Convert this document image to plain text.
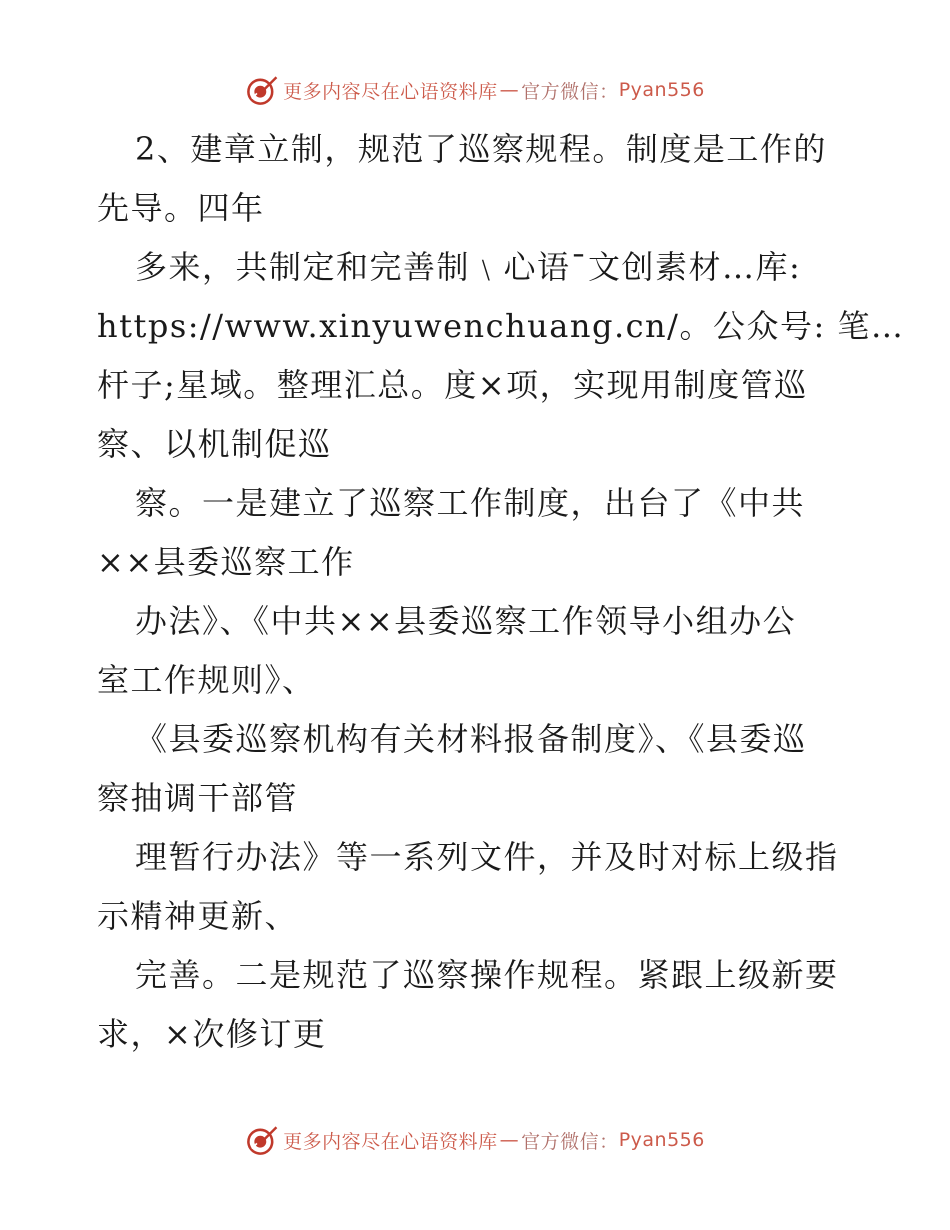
更多内容尽在心语资料库 — 官方微信： Pyan556
2、建章立制，规范了巡察规程。制度是工作的
先导。四年
多来，共制定和完善制﹨心语¯文创素材…库:
https://www.xinyuwenchuang.cn/。公众号: 笔…
杆子;星域。整理汇总。度×项，实现用制度管巡
察、以机制促巡
察。一是建立了巡察工作制度，出台了《中共
××县委巡察工作
办法》、《中共××县委巡察工作领导小组办公
室工作规则》、
《县委巡察机构有关材料报备制度》、《县委巡
察抽调干部管
理暂行办法》等一系列文件，并及时对标上级指
示精神更新、
完善。二是规范了巡察操作规程。紧跟上级新要
求，×次修订更
更多内容尽在心语资料库 — 官方微信： Pyan556
